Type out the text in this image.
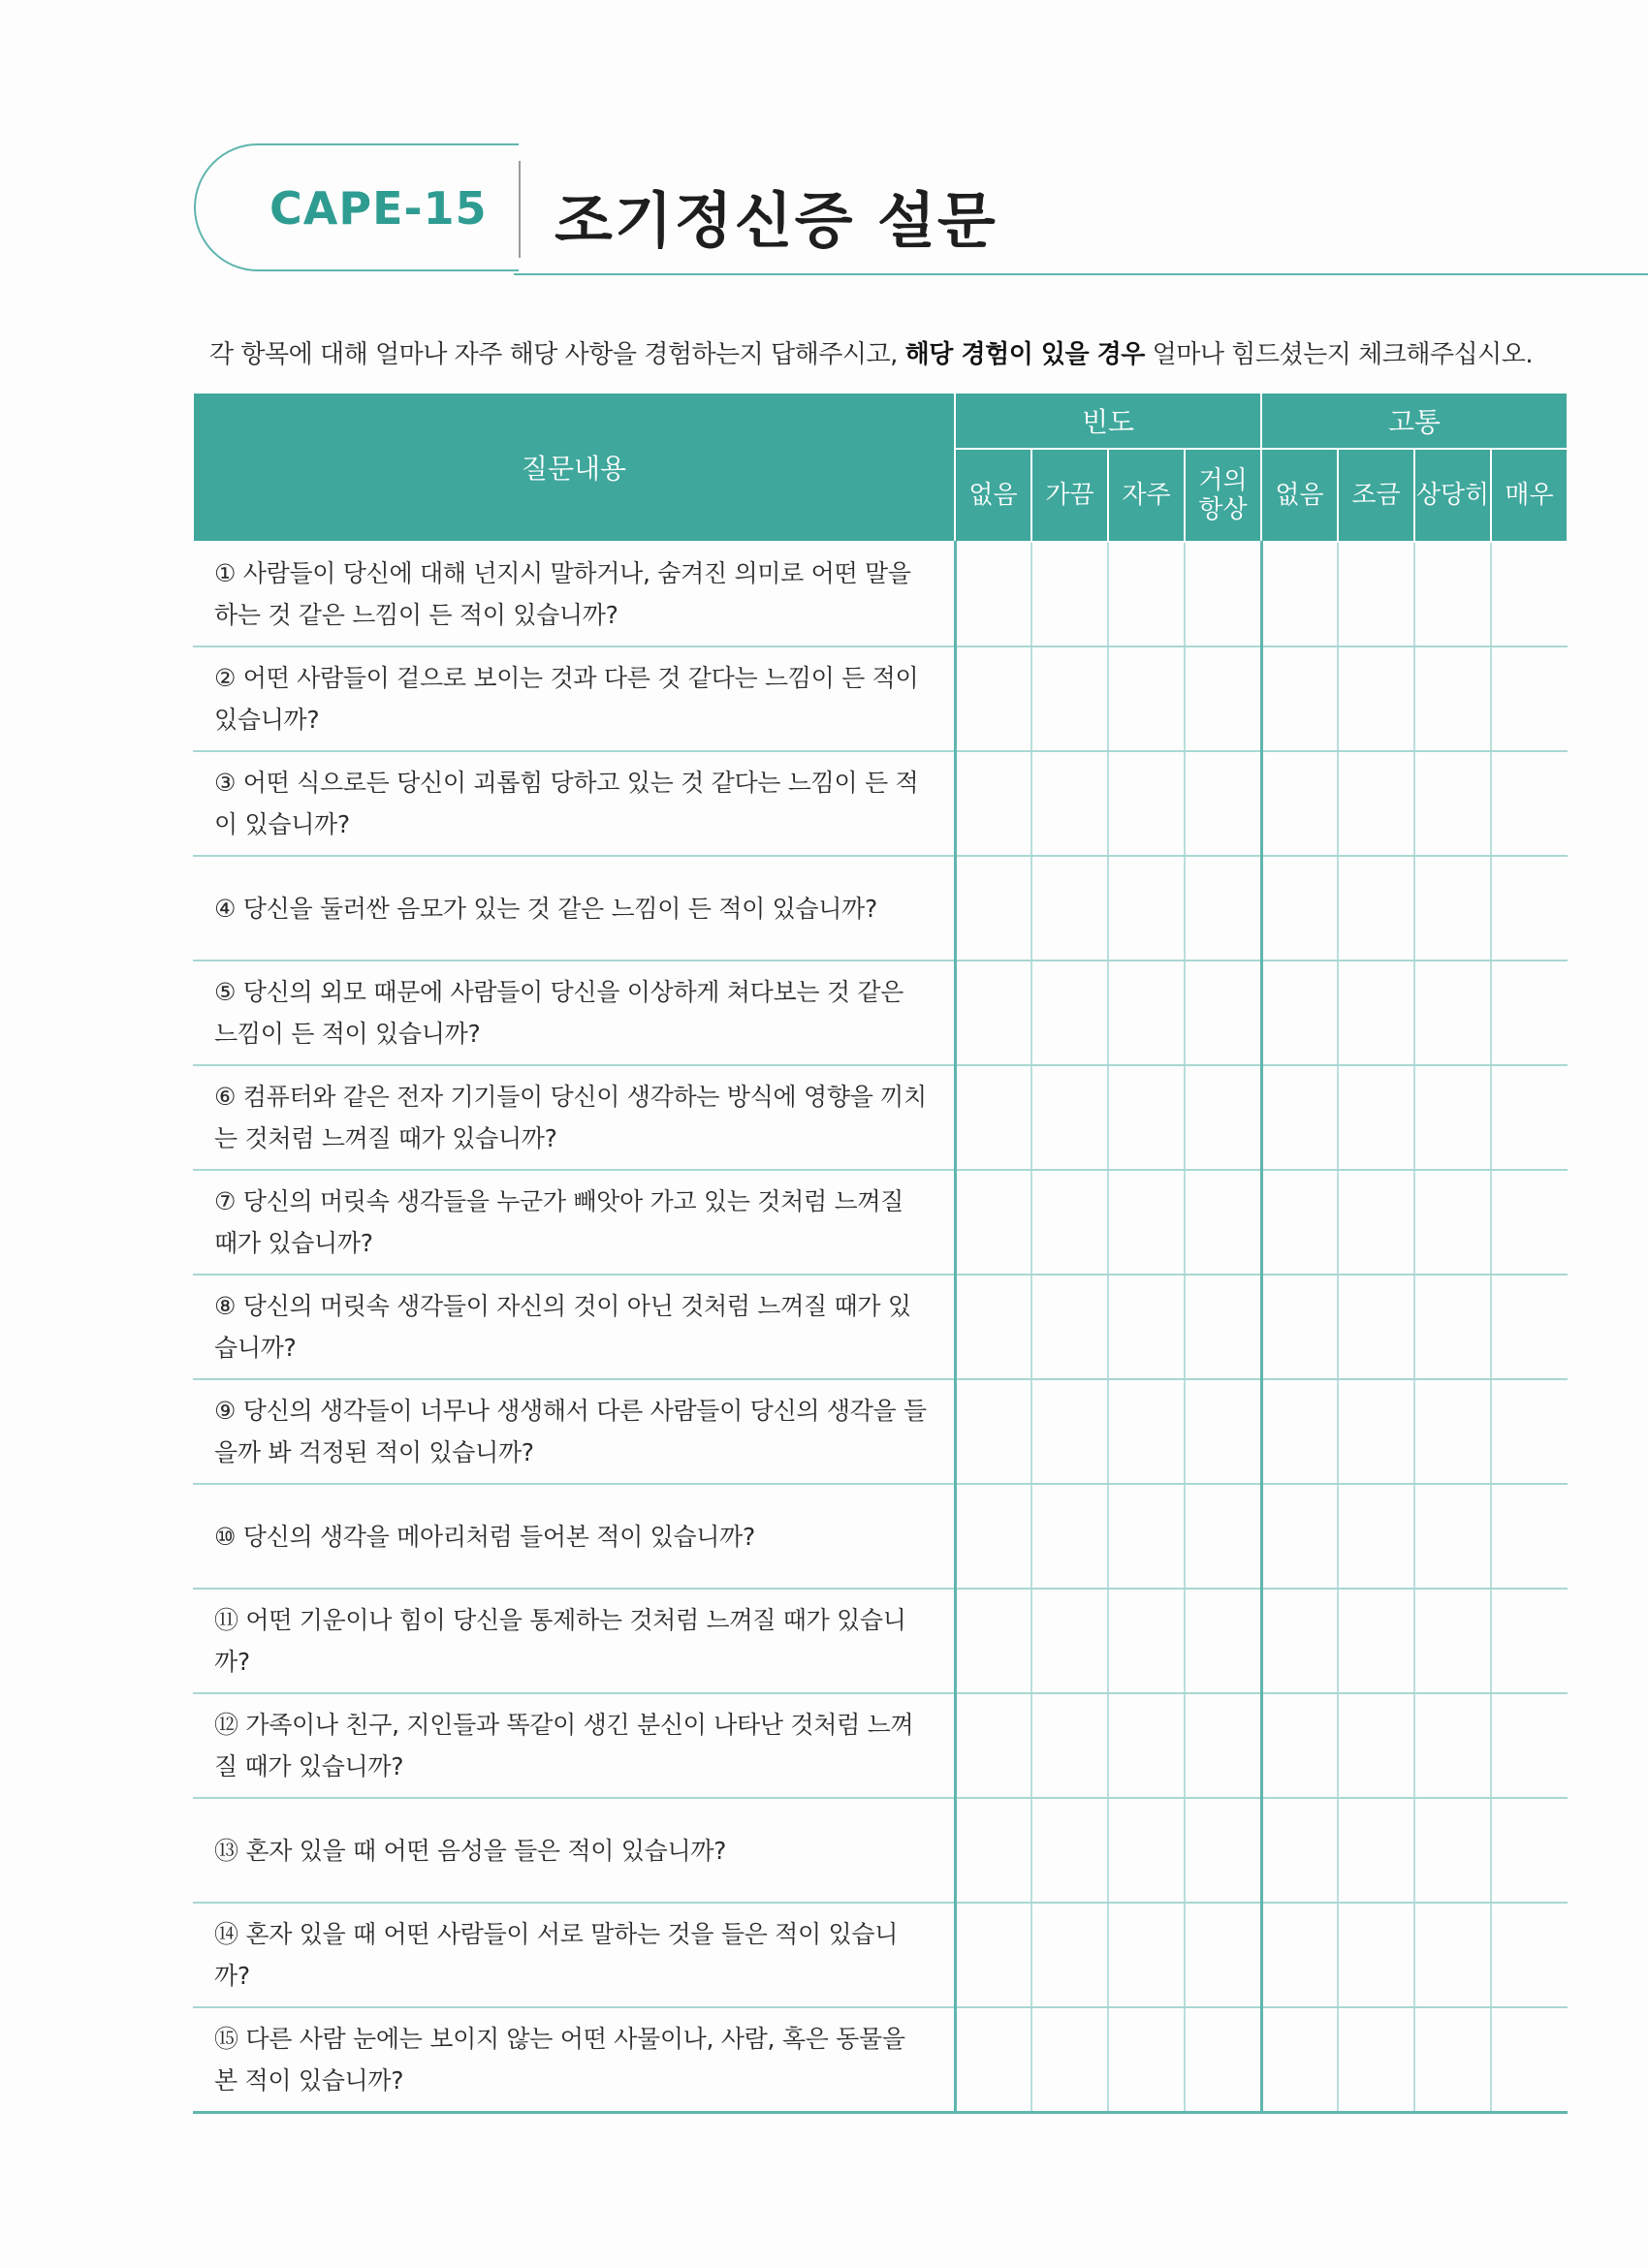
CAPE-15 조기정신증 설문
각 항목에 대해 얼마나 자주 해당 사항을 경험하는지 답해주시고, 해당 경험이 있을 경우 얼마나 힘드셨는지 체크해주십시오.
질문내용	빈도				고통			
	없음	가끔	자주	거의 항상	없음	조금	상당히	매우
① 사람들이 당신에 대해 넌지시 말하거나, 숨겨진 의미로 어떤 말을 하는 것 같은 느낌이 든 적이 있습니까?								
② 어떤 사람들이 겉으로 보이는 것과 다른 것 같다는 느낌이 든 적이 있습니까?								
③ 어떤 식으로든 당신이 괴롭힘 당하고 있는 것 같다는 느낌이 든 적이 있습니까?								
④ 당신을 둘러싼 음모가 있는 것 같은 느낌이 든 적이 있습니까?								
⑤ 당신의 외모 때문에 사람들이 당신을 이상하게 쳐다보는 것 같은 느낌이 든 적이 있습니까?								
⑥ 컴퓨터와 같은 전자 기기들이 당신이 생각하는 방식에 영향을 끼치는 것처럼 느껴질 때가 있습니까?								
⑦ 당신의 머릿속 생각들을 누군가 빼앗아 가고 있는 것처럼 느껴질 때가 있습니까?								
⑧ 당신의 머릿속 생각들이 자신의 것이 아닌 것처럼 느껴질 때가 있습니까?								
⑨ 당신의 생각들이 너무나 생생해서 다른 사람들이 당신의 생각을 들을까 봐 걱정된 적이 있습니까?								
⑩ 당신의 생각을 메아리처럼 들어본 적이 있습니까?								
⑪ 어떤 기운이나 힘이 당신을 통제하는 것처럼 느껴질 때가 있습니까?								
⑫ 가족이나 친구, 지인들과 똑같이 생긴 분신이 나타난 것처럼 느껴질 때가 있습니까?								
⑬ 혼자 있을 때 어떤 음성을 들은 적이 있습니까?								
⑭ 혼자 있을 때 어떤 사람들이 서로 말하는 것을 들은 적이 있습니까?								
⑮ 다른 사람 눈에는 보이지 않는 어떤 사물이나, 사람, 혹은 동물을 본 적이 있습니까?								
